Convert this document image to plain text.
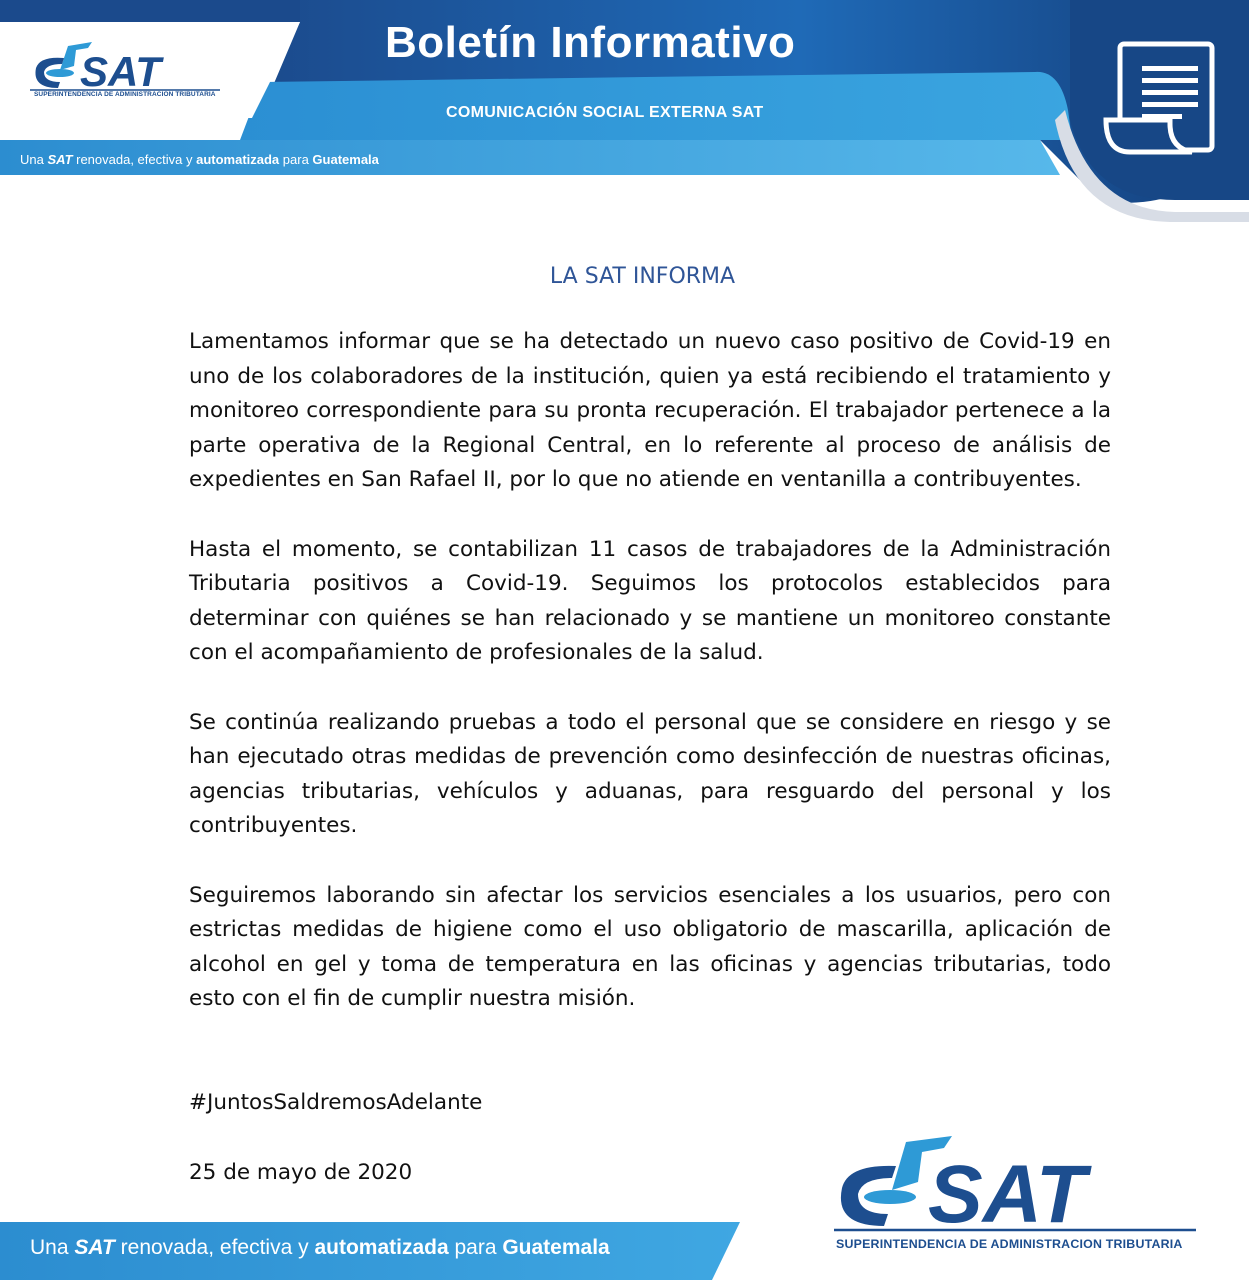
SAT
SUPERINTENDENCIA DE ADMINISTRACION TRIBUTARIA
Boletín Informativo
COMUNICACIÓN SOCIAL EXTERNA SAT
Una SAT renovada, efectiva y automatizada para Guatemala
LA SAT INFORMA

Lamentamos informar que se ha detectado un nuevo caso positivo de Covid-19 en uno de los colaboradores de la institución, quien ya está recibiendo el tratamiento y monitoreo correspondiente para su pronta recuperación. El trabajador pertenece a la parte operativa de la Regional Central, en lo referente al proceso de análisis de expedientes en San Rafael II, por lo que no atiende en ventanilla a contribuyentes.

Hasta el momento, se contabilizan 11 casos de trabajadores de la Administración Tributaria positivos a Covid-19. Seguimos los protocolos establecidos para determinar con quiénes se han relacionado y se mantiene un monitoreo constante con el acompañamiento de profesionales de la salud.

Se continúa realizando pruebas a todo el personal que se considere en riesgo y se han ejecutado otras medidas de prevención como desinfección de nuestras oficinas, agencias tributarias, vehículos y aduanas, para resguardo del personal y los contribuyentes.

Seguiremos laborando sin afectar los servicios esenciales a los usuarios, pero con estrictas medidas de higiene como el uso obligatorio de mascarilla, aplicación de alcohol en gel y toma de temperatura en las oficinas y agencias tributarias, todo esto con el fin de cumplir nuestra misión.

#JuntosSaldremosAdelante
25 de mayo de 2020
Una SAT renovada, efectiva y automatizada para Guatemala
SAT
SUPERINTENDENCIA DE ADMINISTRACION TRIBUTARIA
